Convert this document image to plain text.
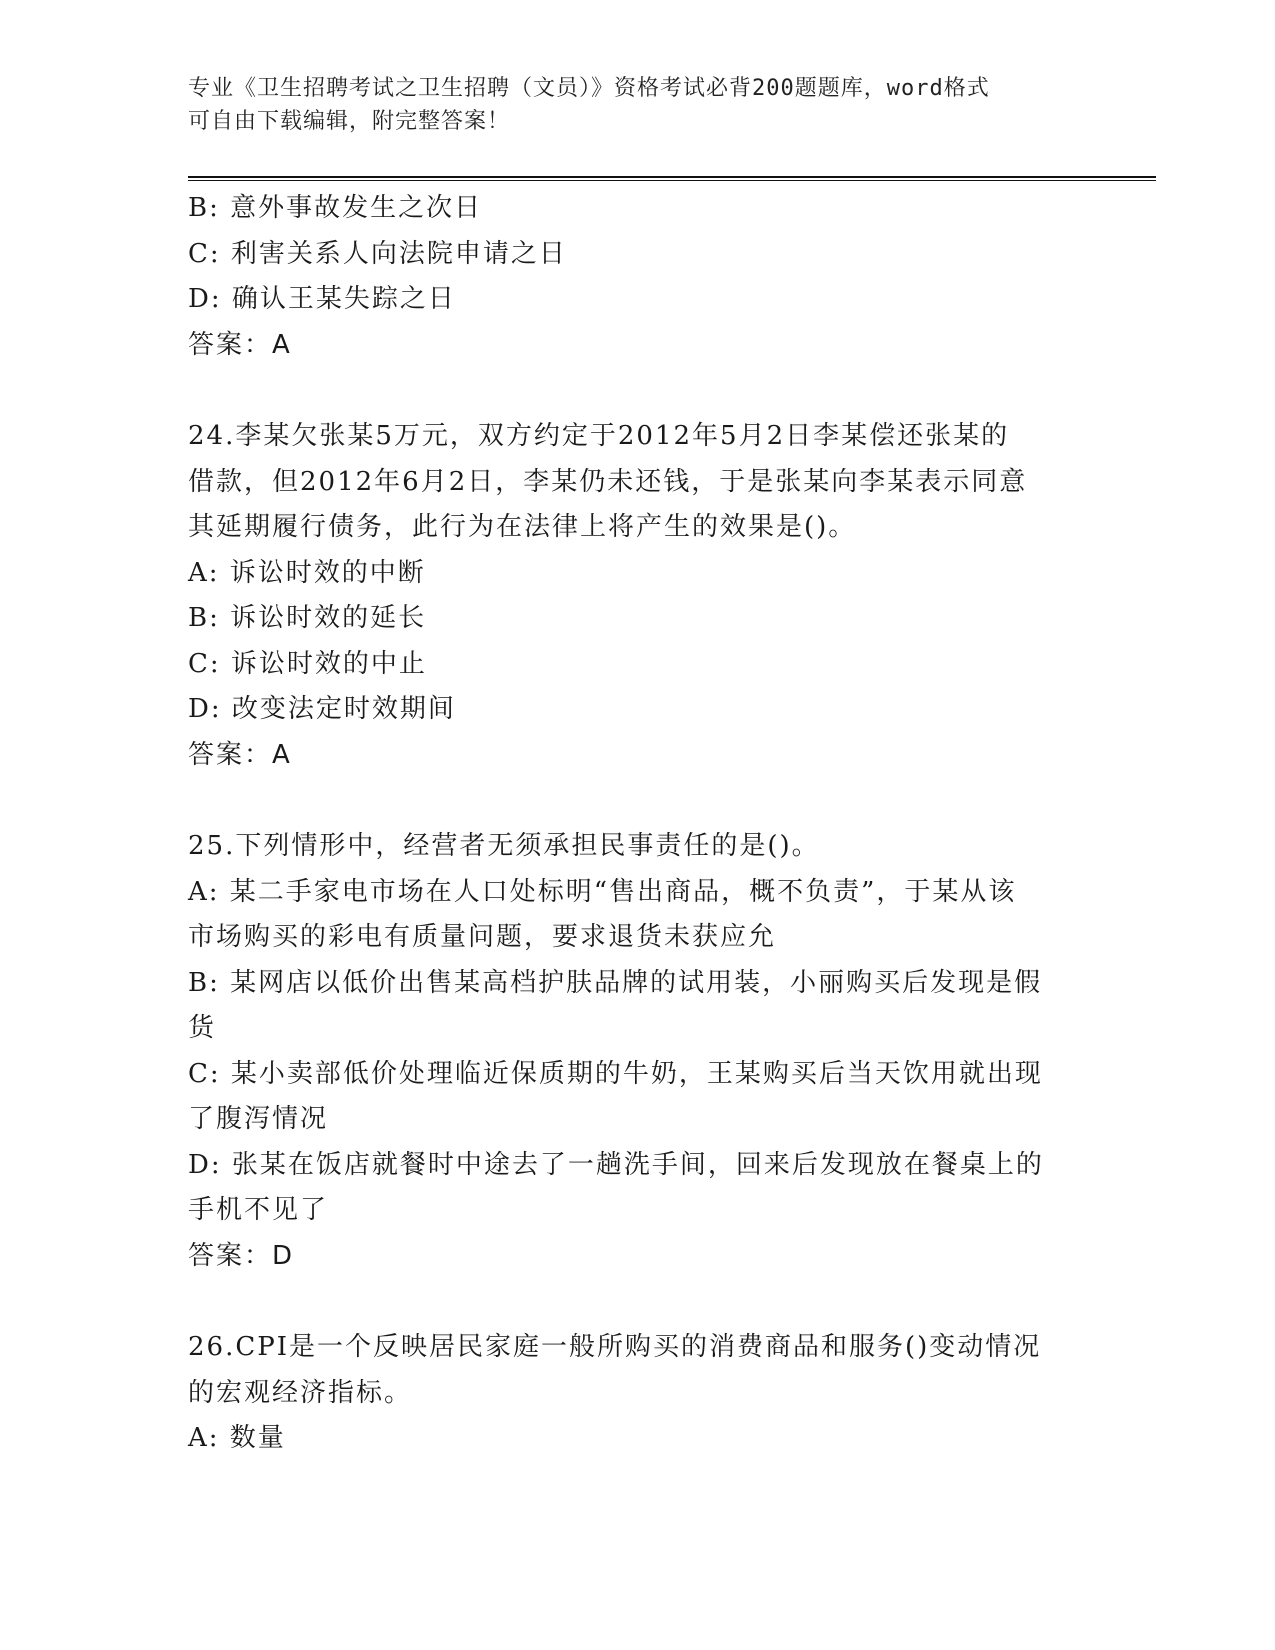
专业《卫生招聘考试之卫生招聘（文员）》资格考试必背200题题库，word格式
可自由下载编辑，附完整答案！
B: 意外事故发生之次日
C: 利害关系人向法院申请之日
D: 确认王某失踪之日
答案：A
24.李某欠张某5万元，双方约定于2012年5月2日李某偿还张某的
借款，但2012年6月2日，李某仍未还钱，于是张某向李某表示同意
其延期履行债务，此行为在法律上将产生的效果是()。
A: 诉讼时效的中断
B: 诉讼时效的延长
C: 诉讼时效的中止
D: 改变法定时效期间
答案：A
25.下列情形中，经营者无须承担民事责任的是()。
A: 某二手家电市场在人口处标明“售出商品，概不负责”，于某从该
市场购买的彩电有质量问题，要求退货未获应允
B: 某网店以低价出售某高档护肤品牌的试用装，小丽购买后发现是假
货
C: 某小卖部低价处理临近保质期的牛奶，王某购买后当天饮用就出现
了腹泻情况
D: 张某在饭店就餐时中途去了一趟洗手间，回来后发现放在餐桌上的
手机不见了
答案：D
26.CPI是一个反映居民家庭一般所购买的消费商品和服务()变动情况
的宏观经济指标。
A: 数量
